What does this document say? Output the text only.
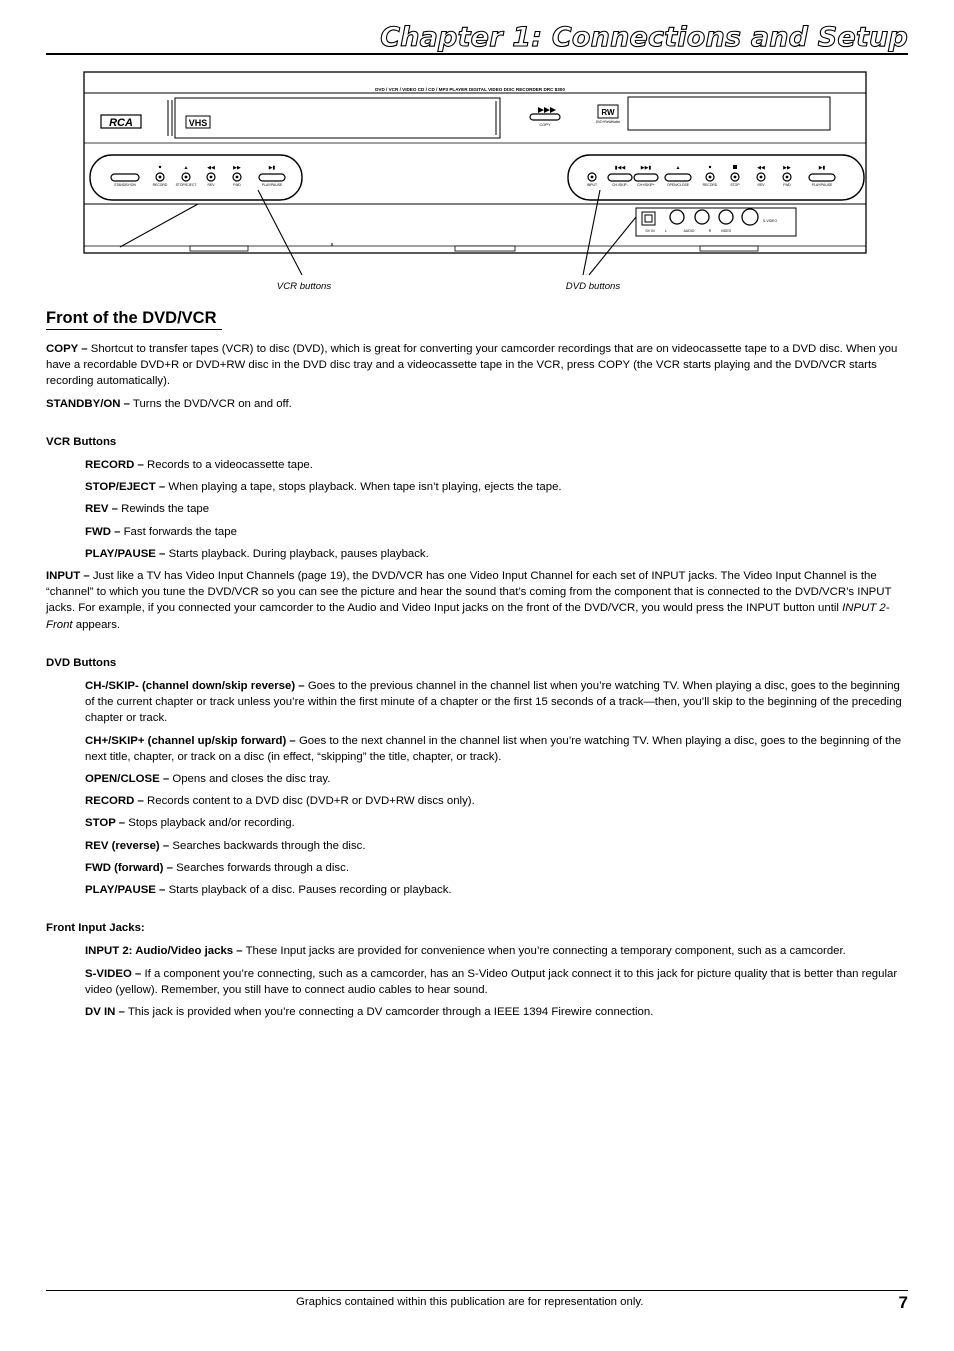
Chapter 1: Connections and Setup
DVD / VCR / VIDEO CD / CD / MP3 PLAYER DIGITAL VIDEO DISC RECORDER DRC 8300
RCA	VHS	COPY
RW
DVD+ReWritable
▲	◀◀	▶▶	▶▮
STANDBY/ON	RECORD STOP/EJECT	REV	FWD	PLAY/PAUSE
▮◀◀	▶▶▮	▲	◀◀	▶▶	▶▮
INPUT	CH-/SKIP-	CH+/SKIP+	OPEN/CLOSE	RECORD	STOP	REV	FWD	PLAY/PAUSE
DV IN	L	AUDIO	R	VIDEO
S-VIDEO
VCR buttons	DVD buttons
Front of the DVD/VCR

COPY – Shortcut to transfer tapes (VCR) to disc (DVD), which is great for converting your camcorder recordings that are on videocassette tape to a DVD disc. When you have a recordable DVD+R or DVD+RW disc in the DVD disc tray and a videocassette tape in the VCR, press COPY (the VCR starts playing and the DVD/VCR starts recording automatically).

STANDBY/ON – Turns the DVD/VCR on and off.

VCR Buttons

RECORD – Records to a videocassette tape.

STOP/EJECT – When playing a tape, stops playback. When tape isn’t playing, ejects the tape.

REV – Rewinds the tape

FWD – Fast forwards the tape

PLAY/PAUSE – Starts playback. During playback, pauses playback.

INPUT – Just like a TV has Video Input Channels (page 19), the DVD/VCR has one Video Input Channel for each set of INPUT jacks. The Video Input Channel is the “channel” to which you tune the DVD/VCR so you can see the picture and hear the sound that’s coming from the component that is connected to the DVD/VCR’s INPUT jacks. For example, if you connected your camcorder to the Audio and Video Input jacks on the front of the DVD/VCR, you would press the INPUT button until INPUT 2-Front appears.

DVD Buttons

CH-/SKIP- (channel down/skip reverse) – Goes to the previous channel in the channel list when you’re watching TV. When playing a disc, goes to the beginning of the current chapter or track unless you’re within the first minute of a chapter or the first 15 seconds of a track—then, you’ll skip to the beginning of the preceding chapter or track.

CH+/SKIP+ (channel up/skip forward) – Goes to the next channel in the channel list when you’re watching TV. When playing a disc, goes to the beginning of the next title, chapter, or track on a disc (in effect, “skipping” the title, chapter, or track).

OPEN/CLOSE – Opens and closes the disc tray.

RECORD – Records content to a DVD disc (DVD+R or DVD+RW discs only).

STOP – Stops playback and/or recording.

REV (reverse) – Searches backwards through the disc.

FWD (forward) – Searches forwards through a disc.

PLAY/PAUSE – Starts playback of a disc. Pauses recording or playback.

Front Input Jacks:

INPUT 2: Audio/Video jacks – These Input jacks are provided for convenience when you’re connecting a temporary component, such as a camcorder.

S-VIDEO – If a component you’re connecting, such as a camcorder, has an S-Video Output jack connect it to this jack for picture quality that is better than regular video (yellow). Remember, you still have to connect audio cables to hear sound.

DV IN – This jack is provided when you’re connecting a DV camcorder through a IEEE 1394 Firewire connection.

Graphics contained within this publication are for representation only.	7
